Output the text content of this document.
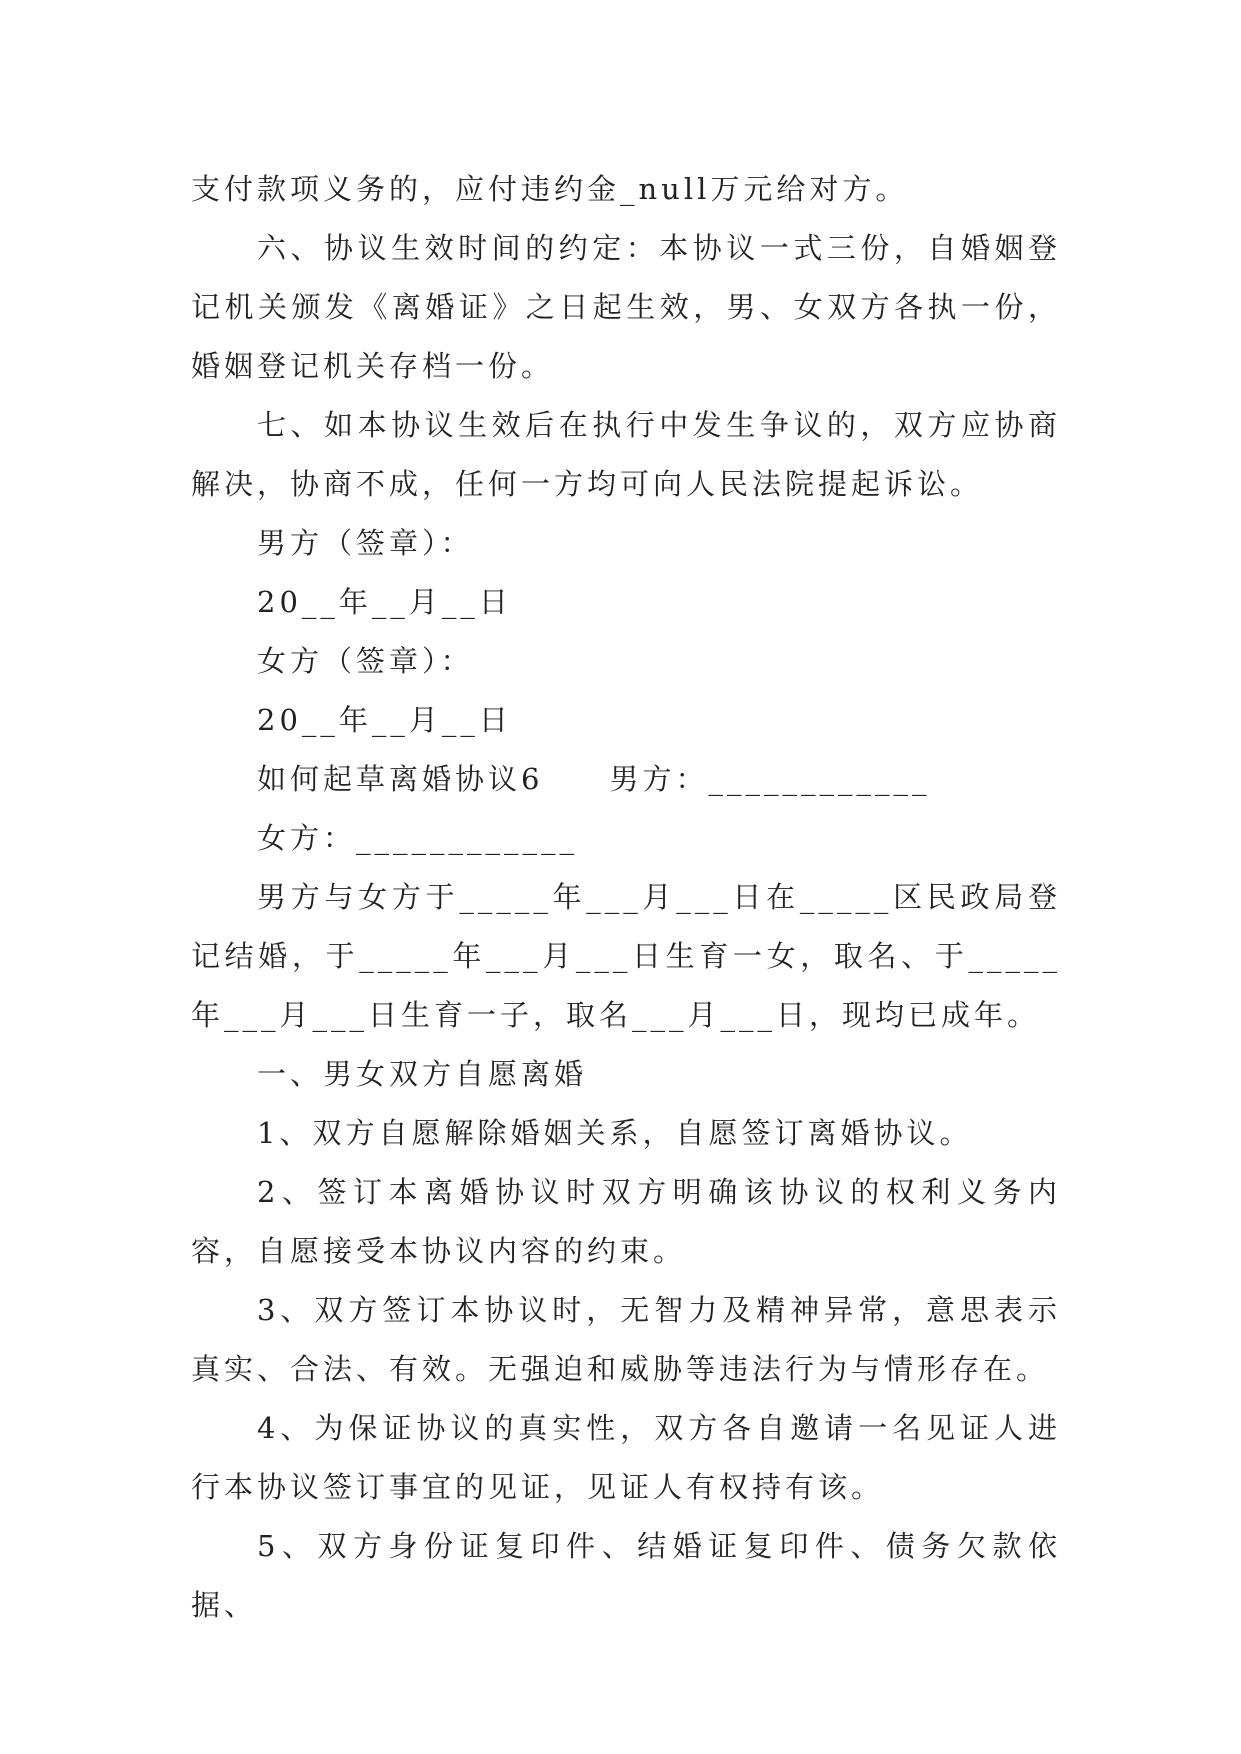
支付款项义务的，应付违约金_null万元给对方。

六、协议生效时间的约定：本协议一式三份，自婚姻登记机关颁发《离婚证》之日起生效，男、女双方各执一份，婚姻登记机关存档一份。

七、如本协议生效后在执行中发生争议的，双方应协商解决，协商不成，任何一方均可向人民法院提起诉讼。

男方（签章）：

20__年__月__日

女方（签章）：

20__年__月__日

如何起草离婚协议6　　男方：____________

女方：____________

男方与女方于_____年___月___日在_____区民政局登记结婚，于_____年___月___日生育一女，取名、于_____年___月___日生育一子，取名___月___日，现均已成年。

一、男女双方自愿离婚

1、双方自愿解除婚姻关系，自愿签订离婚协议。

2、签订本离婚协议时双方明确该协议的权利义务内容，自愿接受本协议内容的约束。

3、双方签订本协议时，无智力及精神异常，意思表示真实、合法、有效。无强迫和威胁等违法行为与情形存在。

4、为保证协议的真实性，双方各自邀请一名见证人进行本协议签订事宜的见证，见证人有权持有该。

5、双方身份证复印件、结婚证复印件、债务欠款依据、
